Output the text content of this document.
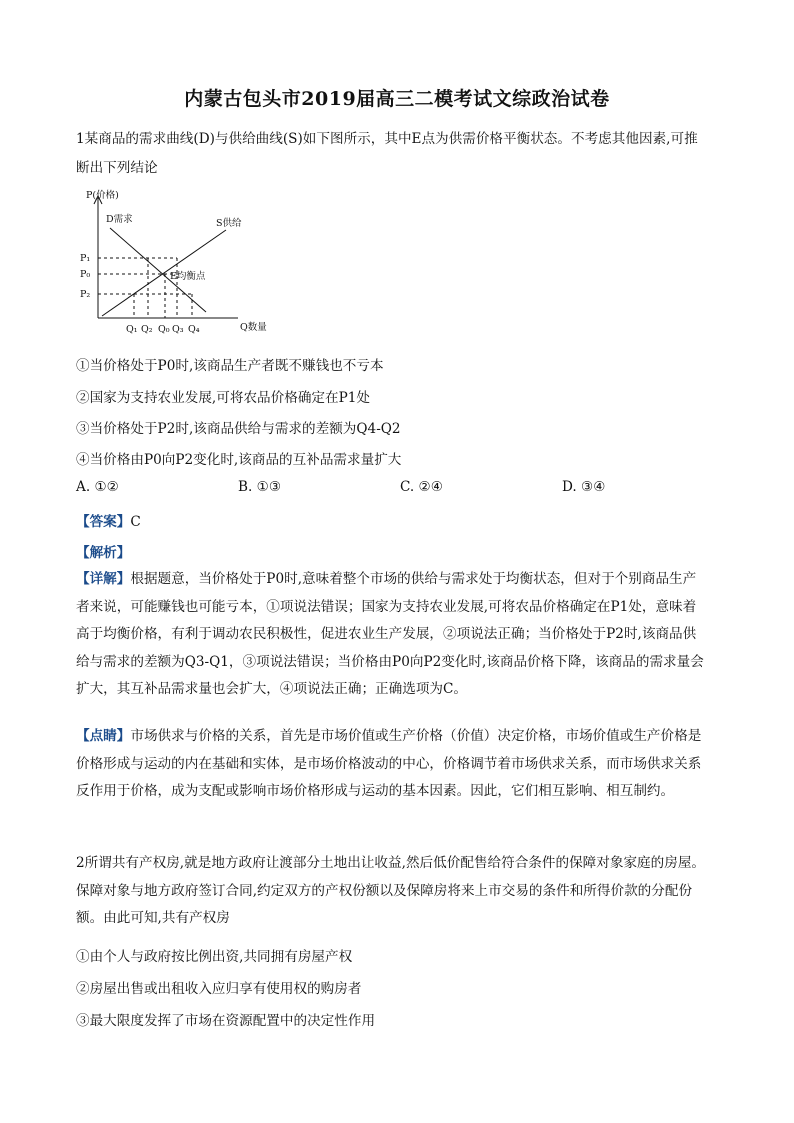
内蒙古包头市2019届高三二模考试文综政治试卷
1某商品的需求曲线(D)与供给曲线(S)如下图所示，其中E点为供需价格平衡状态。不考虑其他因素,可推
断出下列结论
P(价格)
Q数量
D需求	S供给
E均衡点
P₁
P₀
P₂
Q₁ Q₂ Q₀ Q₃ Q₄
①当价格处于P0时,该商品生产者既不赚钱也不亏本
②国家为支持农业发展,可将农品价格确定在P1处
③当价格处于P2时,该商品供给与需求的差额为Q4-Q2
④当价格由P0向P2变化时,该商品的互补品需求量扩大
A. ①②	B. ①③	C. ②④	D. ③④
【答案】C
【解析】

【详解】根据题意，当价格处于P0时,意味着整个市场的供给与需求处于均衡状态，但对于个别商品生产

者来说，可能赚钱也可能亏本，①项说法错误；国家为支持农业发展,可将农品价格确定在P1处，意味着

高于均衡价格，有利于调动农民积极性，促进农业生产发展，②项说法正确；当价格处于P2时,该商品供

给与需求的差额为Q3-Q1，③项说法错误；当价格由P0向P2变化时,该商品价格下降，该商品的需求量会

扩大，其互补品需求量也会扩大，④项说法正确；正确选项为C。

【点睛】市场供求与价格的关系，首先是市场价值或生产价格（价值）决定价格，市场价值或生产价格是

价格形成与运动的内在基础和实体，是市场价格波动的中心，价格调节着市场供求关系，而市场供求关系

反作用于价格，成为支配或影响市场价格形成与运动的基本因素。因此，它们相互影响、相互制约。

2所谓共有产权房,就是地方政府让渡部分土地出让收益,然后低价配售给符合条件的保障对象家庭的房屋。

保障对象与地方政府签订合同,约定双方的产权份额以及保障房将来上市交易的条件和所得价款的分配份

额。由此可知,共有产权房

①由个人与政府按比例出资,共同拥有房屋产权
②房屋出售或出租收入应归享有使用权的购房者
③最大限度发挥了市场在资源配置中的决定性作用
